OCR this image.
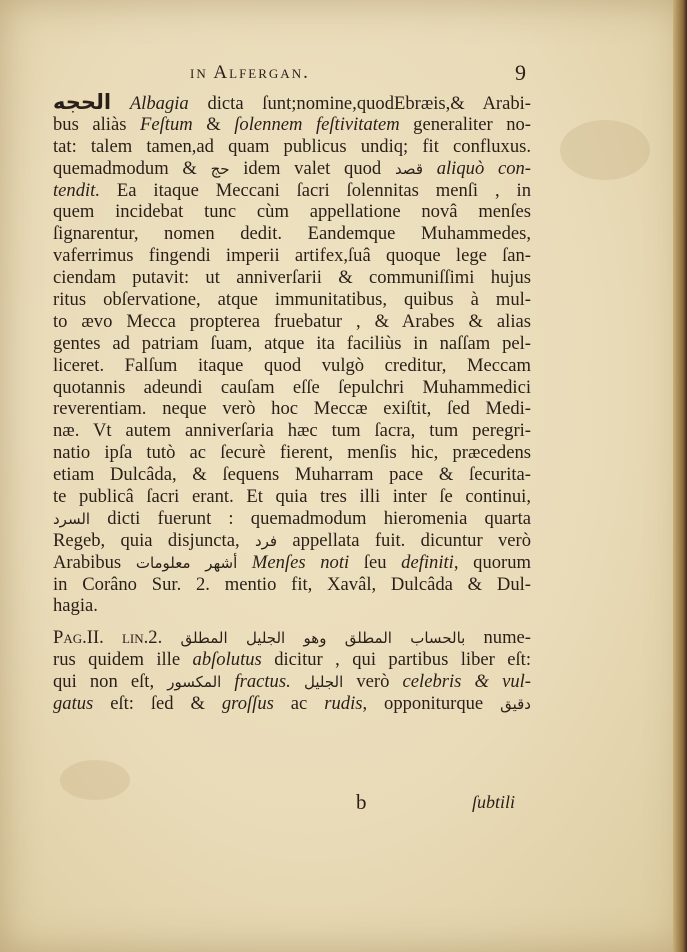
in Alfergan.	9
الحجه Albagia dicta ſunt;nomine,quodEbræis,& Arabi-
bus aliàs Feſtum & ſolennem feſtivitatem generaliter no-
tat: talem tamen,ad quam publicus undiq; fit confluxus.
quemadmodum & حج idem valet quod قصد aliquò con-
tendit. Ea itaque Meccani ſacri ſolennitas menſi , in
quem incidebat tunc cùm appellatione novâ menſes
ſignarentur, nomen dedit. Eandemque Muhammedes,
vaferrimus fingendi imperii artifex,ſuâ quoque lege ſan-
ciendam putavit: ut anniverſarii & communiſſimi hujus
ritus obſervatione, atque immunitatibus, quibus à mul-
to ævo Mecca propterea fruebatur , & Arabes & alias
gentes ad patriam ſuam, atque ita faciliùs in naſſam pel-
liceret. Falſum itaque quod vulgò creditur, Meccam
quotannis adeundi cauſam eſſe ſepulchri Muhammedici
reverentiam. neque verò hoc Meccæ exiſtit, ſed Medi-
næ. Vt autem anniverſaria hæc tum ſacra, tum peregri-
natio ipſa tutò ac ſecurè fierent, menſis hic, præcedens
etiam Dulcâda, & ſequens Muharram pace & ſecurita-
te publicâ ſacri erant. Et quia tres illi inter ſe continui,
السرد dicti fuerunt : quemadmodum hieromenia quarta
Regeb, quia disjuncta, فرد appellata fuit. dicuntur verò
Arabibus أشهر معلومات Menſes noti ſeu definiti, quorum
in Corâno Sur. 2. mentio fit, Xavâl, Dulcâda & Dul-
hagia.
Pag.II. lin.2. بالحساب المطلق وهو الجليل المطلق nume-
rus quidem ille abſolutus dicitur , qui partibus liber eſt:
qui non eſt, المكسور fractus. الجليل verò celebris & vul-
gatus eſt: ſed & groſſus ac rudis, opponiturque دقيق
b	ſubtili
